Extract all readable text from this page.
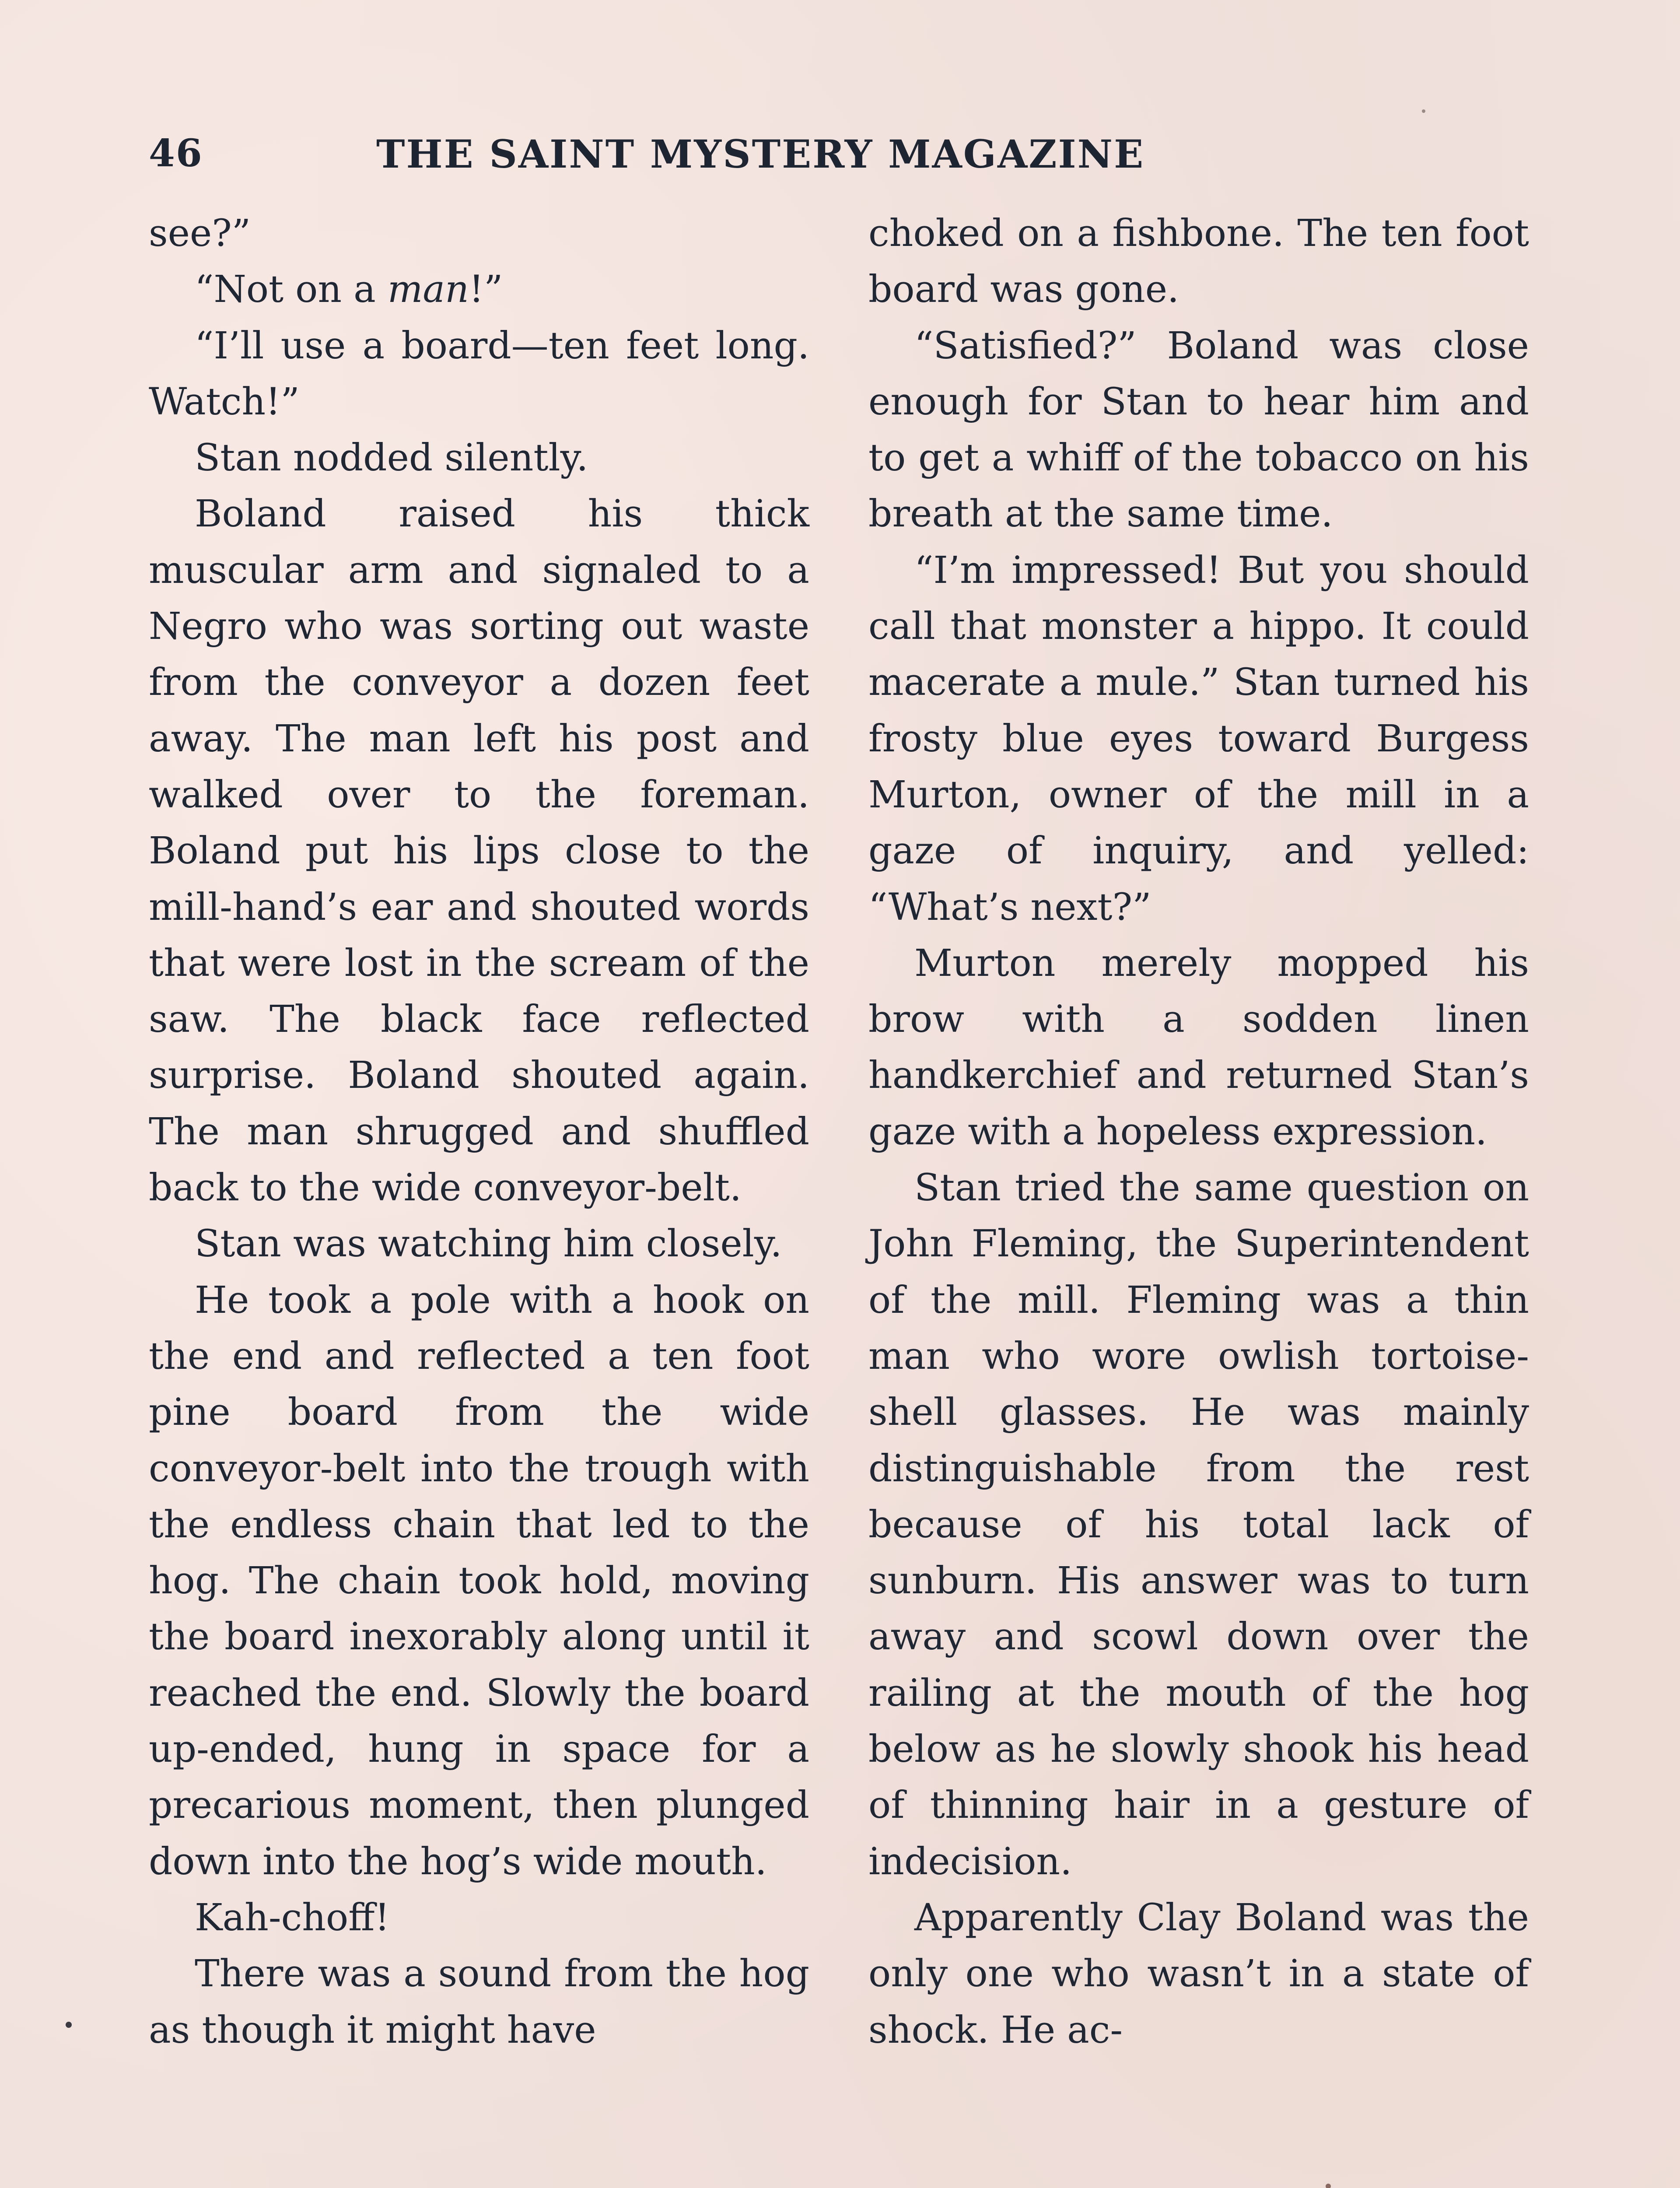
46	THE SAINT MYSTERY MAGAZINE

see?”

“Not on a man!”

“I’ll use a board—ten feet long. Watch!”

Stan nodded silently.

Boland raised his thick muscular arm and signaled to a Negro who was sorting out waste from the conveyor a dozen feet away. The man left his post and walked over to the foreman. Boland put his lips close to the mill-hand’s ear and shouted words that were lost in the scream of the saw. The black face reflected surprise. Boland shouted again. The man shrugged and shuffled back to the wide conveyor-belt.

Stan was watching him closely.

He took a pole with a hook on the end and reflected a ten foot pine board from the wide conveyor-belt into the trough with the endless chain that led to the hog. The chain took hold, moving the board inexorably along until it reached the end. Slowly the board up-ended, hung in space for a precarious moment, then plunged down into the hog’s wide mouth.

Kah-choff!

There was a sound from the hog as though it might have

choked on a fishbone. The ten foot board was gone.

“Satisfied?” Boland was close enough for Stan to hear him and to get a whiff of the tobacco on his breath at the same time.

“I’m impressed! But you should call that monster a hippo. It could macerate a mule.” Stan turned his frosty blue eyes toward Burgess Murton, owner of the mill in a gaze of inquiry, and yelled: “What’s next?”

Murton merely mopped his brow with a sodden linen handkerchief and returned Stan’s gaze with a hopeless expression.

Stan tried the same question on John Fleming, the Superintendent of the mill. Fleming was a thin man who wore owlish tortoise-shell glasses. He was mainly distinguishable from the rest because of his total lack of sunburn. His answer was to turn away and scowl down over the railing at the mouth of the hog below as he slowly shook his head of thinning hair in a gesture of indecision.

Apparently Clay Boland was the only one who wasn’t in a state of shock. He ac-
